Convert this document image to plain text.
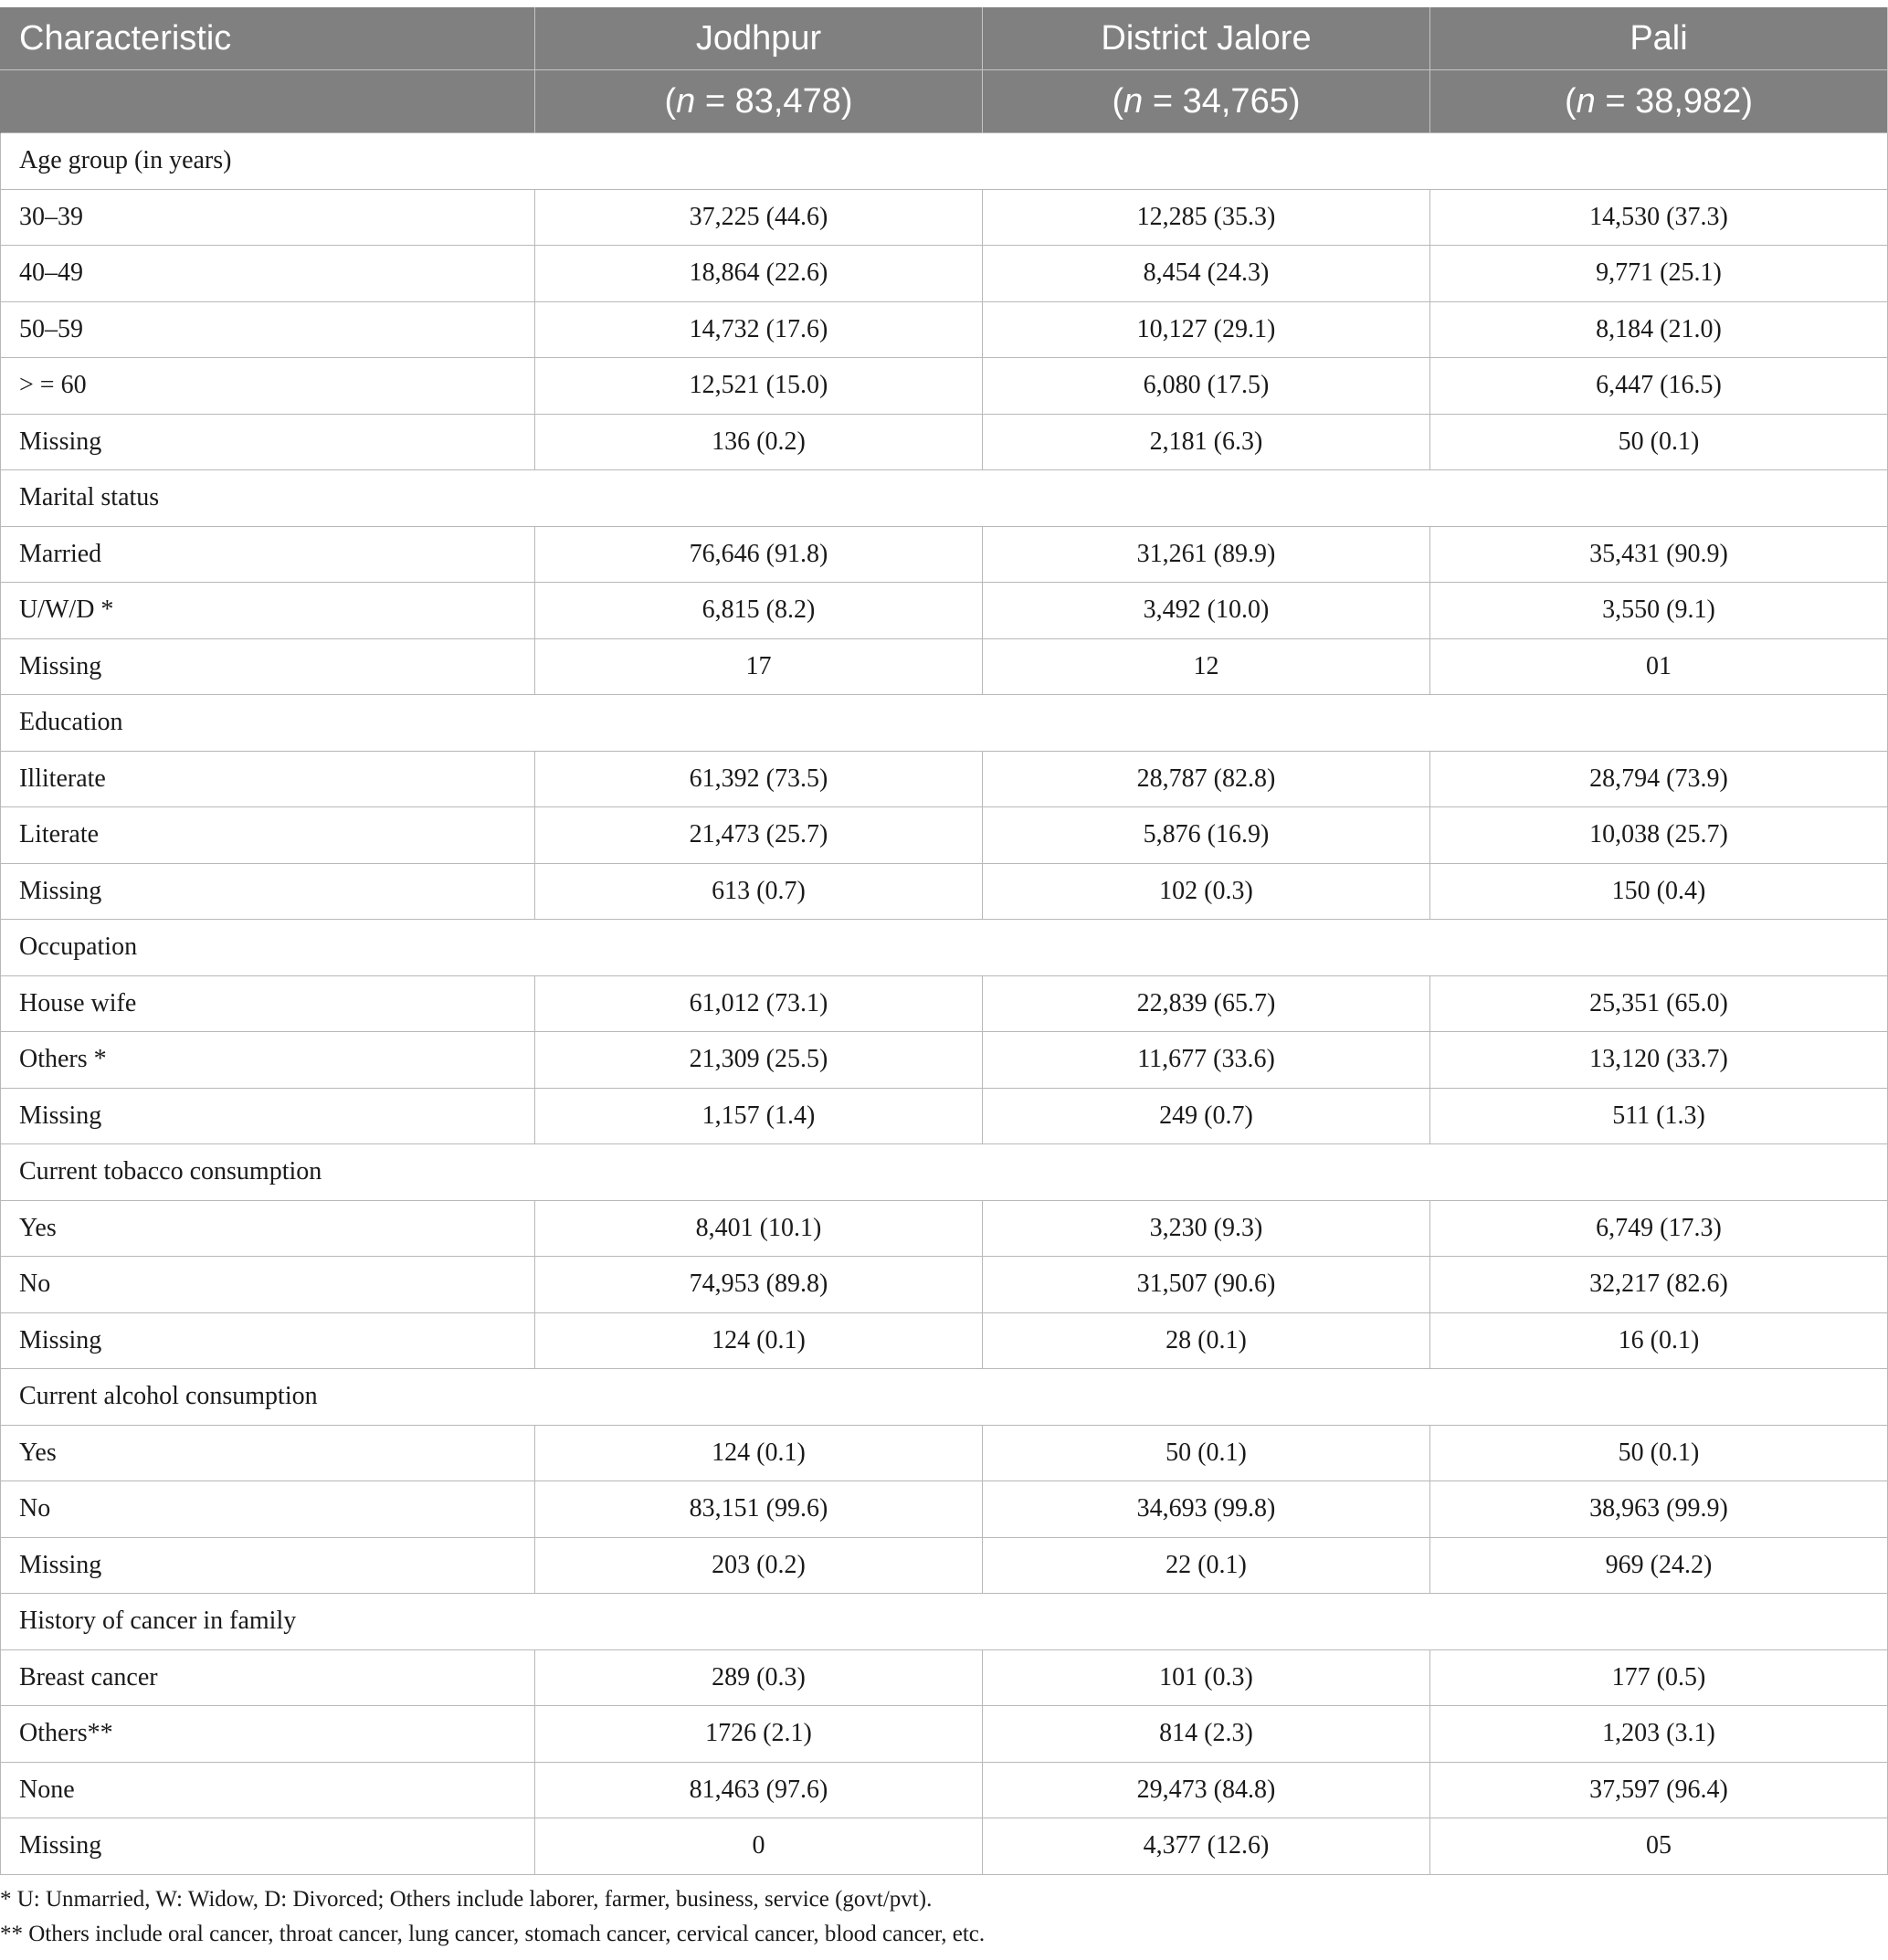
Characteristic	Jodhpur	District Jalore	Pali
	(n = 83,478)	(n = 34,765)	(n = 38,982)
Age group (in years)			
30–39	37,225 (44.6)	12,285 (35.3)	14,530 (37.3)
40–49	18,864 (22.6)	8,454 (24.3)	9,771 (25.1)
50–59	14,732 (17.6)	10,127 (29.1)	8,184 (21.0)
> = 60	12,521 (15.0)	6,080 (17.5)	6,447 (16.5)
Missing	136 (0.2)	2,181 (6.3)	50 (0.1)
Marital status			
Married	76,646 (91.8)	31,261 (89.9)	35,431 (90.9)
U/W/D *	6,815 (8.2)	3,492 (10.0)	3,550 (9.1)
Missing	17	12	01
Education			
Illiterate	61,392 (73.5)	28,787 (82.8)	28,794 (73.9)
Literate	21,473 (25.7)	5,876 (16.9)	10,038 (25.7)
Missing	613 (0.7)	102 (0.3)	150 (0.4)
Occupation			
House wife	61,012 (73.1)	22,839 (65.7)	25,351 (65.0)
Others *	21,309 (25.5)	11,677 (33.6)	13,120 (33.7)
Missing	1,157 (1.4)	249 (0.7)	511 (1.3)
Current tobacco consumption			
Yes	8,401 (10.1)	3,230 (9.3)	6,749 (17.3)
No	74,953 (89.8)	31,507 (90.6)	32,217 (82.6)
Missing	124 (0.1)	28 (0.1)	16 (0.1)
Current alcohol consumption			
Yes	124 (0.1)	50 (0.1)	50 (0.1)
No	83,151 (99.6)	34,693 (99.8)	38,963 (99.9)
Missing	203 (0.2)	22 (0.1)	969 (24.2)
History of cancer in family			
Breast cancer	289 (0.3)	101 (0.3)	177 (0.5)
Others**	1726 (2.1)	814 (2.3)	1,203 (3.1)
None	81,463 (97.6)	29,473 (84.8)	37,597 (96.4)
Missing	0	4,377 (12.6)	05

* U: Unmarried, W: Widow, D: Divorced; Others include laborer, farmer, business, service (govt/pvt).

** Others include oral cancer, throat cancer, lung cancer, stomach cancer, cervical cancer, blood cancer, etc.
